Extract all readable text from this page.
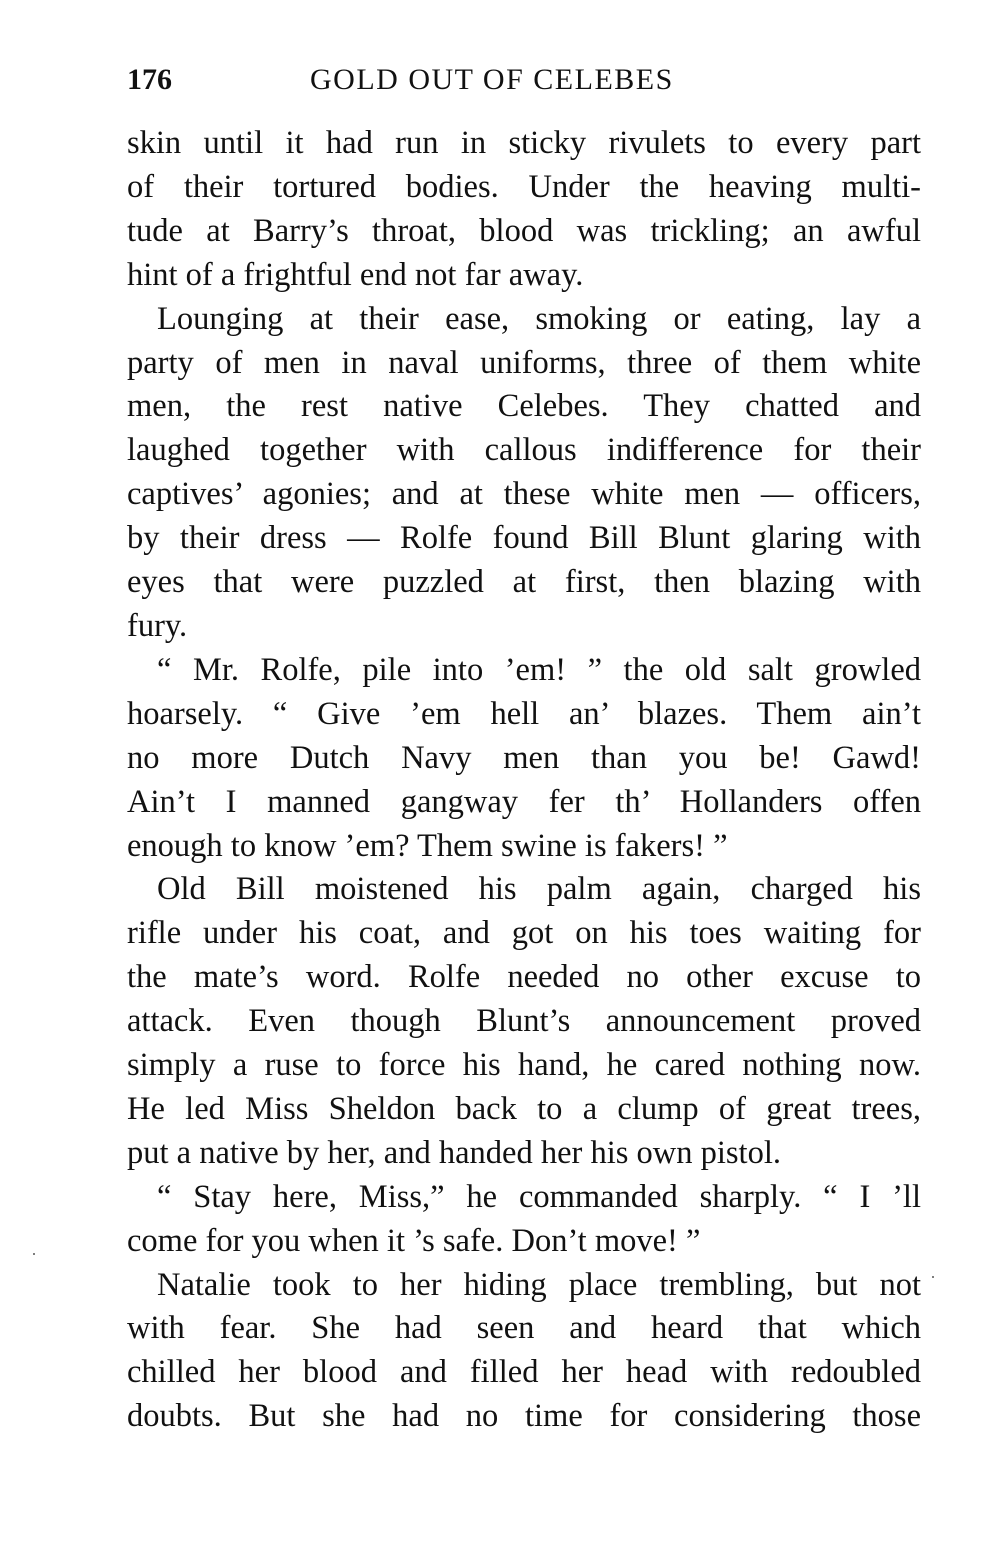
176	GOLD OUT OF CELEBES
skin until it had run in sticky rivulets to every part
of their tortured bodies. Under the heaving multi-
tude at Barry’s throat, blood was trickling; an awful
hint of a frightful end not far away.
Lounging at their ease, smoking or eating, lay a
party of men in naval uniforms, three of them white
men, the rest native Celebes. They chatted and
laughed together with callous indifference for their
captives’ agonies; and at these white men — officers,
by their dress — Rolfe found Bill Blunt glaring with
eyes that were puzzled at first, then blazing with
fury.
“ Mr. Rolfe, pile into ’em! ” the old salt growled
hoarsely. “ Give ’em hell an’ blazes. Them ain’t
no more Dutch Navy men than you be! Gawd!
Ain’t I manned gangway fer th’ Hollanders offen
enough to know ’em? Them swine is fakers! ”
Old Bill moistened his palm again, charged his
rifle under his coat, and got on his toes waiting for
the mate’s word. Rolfe needed no other excuse to
attack. Even though Blunt’s announcement proved
simply a ruse to force his hand, he cared nothing now.
He led Miss Sheldon back to a clump of great trees,
put a native by her, and handed her his own pistol.
“ Stay here, Miss,” he commanded sharply. “ I ’ll
come for you when it ’s safe. Don’t move! ”
Natalie took to her hiding place trembling, but not
with fear. She had seen and heard that which
chilled her blood and filled her head with redoubled
doubts. But she had no time for considering those
